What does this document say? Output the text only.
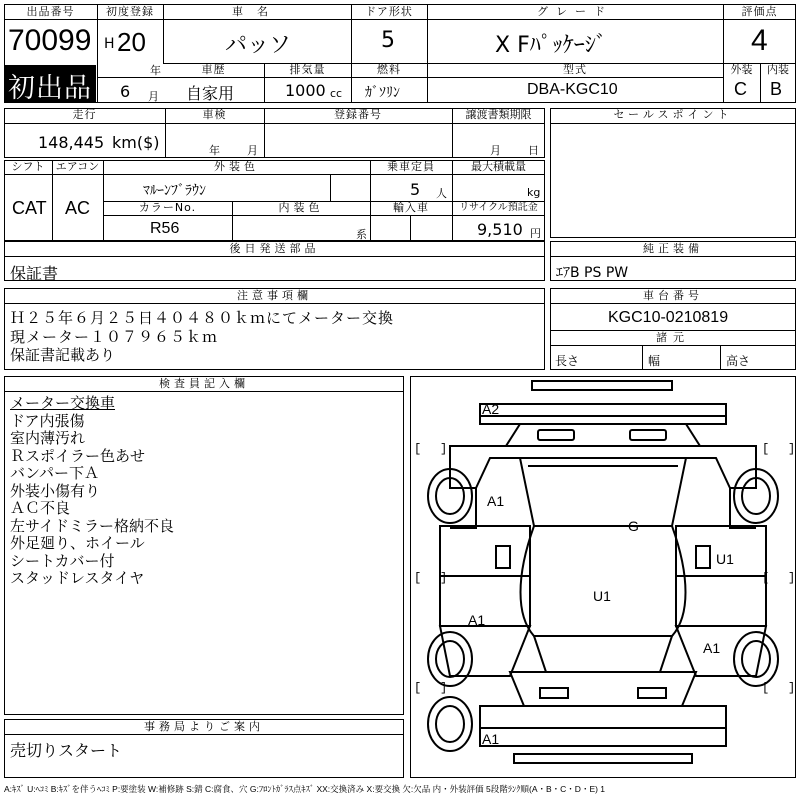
出品番号
70099
初出品
初度登録
H 20
年
6 月
車名
パッソ
ドア形状
5
グレード
X Fﾊﾟｯｹｰｼﾞ
評価点
4
車歴
自家用
排気量
1000 cc
燃料
ｶﾞｿﾘﾝ
型式
DBA-KGC10
外装	内装
C B
走行
148,445 km($)
車検
年 月
登録番号	譲渡書類期限
月 日
セールスポイント
シフト
CAT
エアコン
AC
外装色
ﾏﾙｰﾝﾌﾞﾗｳﾝ
乗車定員
5 人
最大積載量
kg
カラーNo.
R56
内装色
系
輸入車	リサイクル預託金
9,510 円
後日発送部品
保証書
純正装備
ｴｱB PS PW
注意事項欄
Ｈ２５年６月２５日４０４８０ｋｍにてメーター交換
現メーター１０７９６５ｋｍ
保証書記載あり
車台番号
KGC10-0210819
諸元
長さ	幅	高さ
検査員記入欄
メーター交換車
ドア内張傷
室内薄汚れ
Ｒスポイラー色あせ
バンパー下Ａ
外装小傷有り
ＡＣ不良
左サイドミラー格納不良
外足廻り、ホイール
シートカバー付
スタッドレスタイヤ
事務局よりご案内
売切りスタート
[ ]	[ ]
[ ]	[ ]
[ ]	[ ]
A2
A1
G
U1
U1
A1
A1
A1
A:ｷｽﾞ U:ﾍｺﾐ B:ｷｽﾞを伴うﾍｺﾐ P:要塗装 W:補修跡 S:錆 C:腐食、穴 G:ﾌﾛﾝﾄｶﾞﾗｽ点ｷｽﾞ XX:交換済み X:要交換 欠:欠品 内・外装評価 5段階ﾗﾝｸ順(A・B・C・D・E) 1
